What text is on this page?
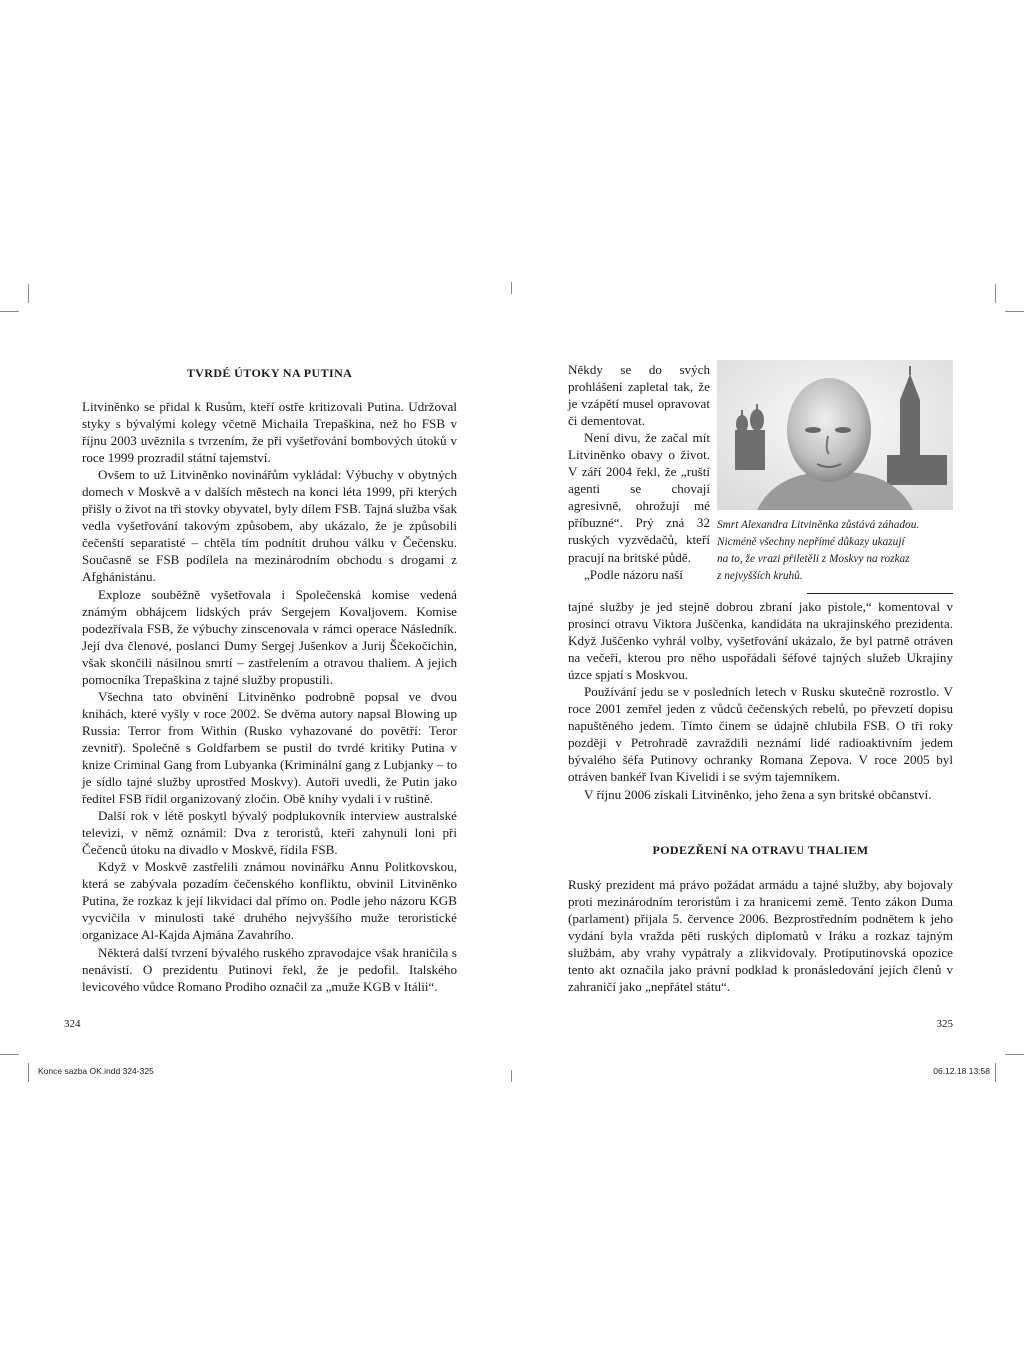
TVRDÉ ÚTOKY NA PUTINA

Litviněnko se přidal k Rusům, kteří ostře kritizovali Putina. Udržoval styky s bývalými kolegy včetně Michaila Trepaškina, než ho FSB v říjnu 2003 uvěznila s tvrzením, že při vyšetřování bombových útoků v roce 1999 prozradil státní tajemství.

Ovšem to už Litviněnko novinářům vykládal: Výbuchy v obytných domech v Moskvě a v dalších městech na konci léta 1999, při kterých přišly o život na tři stovky obyvatel, byly dílem FSB. Tajná služba však vedla vyšetřování takovým způsobem, aby ukázalo, že je způsobili čečenští separatisté – chtěla tím podnítit druhou válku v Čečensku. Současně se FSB podílela na mezinárodním obchodu s drogami z Afghánistánu.

Exploze souběžně vyšetřovala i Společenská komise vedená známým obhájcem lidských práv Sergejem Kovaljovem. Komise podezřívala FSB, že výbuchy zinscenovala v rámci operace Následník. Její dva členové, poslanci Dumy Sergej Jušenkov a Jurij Ščekočichin, však skončili násilnou smrtí – zastřelením a otravou thaliem. A jejich pomocníka Trepaškina z tajné služby propustili.

Všechna tato obvinění Litviněnko podrobně popsal ve dvou knihách, které vyšly v roce 2002. Se dvěma autory napsal Blowing up Russia: Terror from Within (Rusko vyhazované do povětří: Teror zevnitř). Společně s Goldfarbem se pustil do tvrdé kritiky Putina v knize Criminal Gang from Lubyanka (Kriminální gang z Lubjanky – to je sídlo tajné služby uprostřed Moskvy). Autoři uvedli, že Putin jako ředitel FSB řídil organizovaný zločin. Obě knihy vydali i v ruštině.

Další rok v létě poskytl bývalý podplukovník interview australské televizi, v němž oznámil: Dva z teroristů, kteří zahynuli loni při Čečenců útoku na divadlo v Moskvě, řídila FSB.

Když v Moskvě zastřelili známou novinářku Annu Politkovskou, která se zabývala pozadím čečenského konfliktu, obvinil Litviněnko Putina, že rozkaz k její likvidaci dal přímo on. Podle jeho názoru KGB vycvičila v minulosti také druhého nejvyššího muže teroristické organizace Al-Kajda Ajmána Zavahrího.

Některá další tvrzení bývalého ruského zpravodajce však hraničila s nenávistí. O prezidentu Putinovi řekl, že je pedofil. Italského levicového vůdce Romano Prodiho označil za „muže KGB v Itálii“.

324

Někdy se do svých prohlášení zapletal tak, že je vzápětí musel opravovat či dementovat.

Není divu, že začal mít Litviněnko obavy o život. V září 2004 řekl, že „ruští agenti se chovají agresivně, ohrožují mé příbuzné“. Prý zná 32 ruských vyzvědačů, kteří pracují na britské půdě.

„Podle názoru naší

Smrt Alexandra Litviněnka zůstává záhadou.
Nicméně všechny nepřímé důkazy ukazují
na to, že vrazi přiletěli z Moskvy na rozkaz
z nejvyšších kruhů.

tajné služby je jed stejně dobrou zbraní jako pistole,“ komentoval v prosinci otravu Viktora Juščenka, kandidáta na ukrajinského prezidenta. Když Juščenko vyhrál volby, vyšetřování ukázalo, že byl patrně otráven na večeři, kterou pro něho uspořádali šéfové tajných služeb Ukrajiny úzce spjatí s Moskvou.

Používání jedu se v posledních letech v Rusku skutečně rozrostlo. V roce 2001 zemřel jeden z vůdců čečenských rebelů, po převzetí dopisu napuštěného jedem. Tímto činem se údajně chlubila FSB. O tři roky později v Petrohradě zavraždili neznámí lidé radioaktivním jedem bývalého šéfa Putinovy ochranky Romana Zepova. V roce 2005 byl otráven bankéř Ivan Kivelidi i se svým tajemníkem.

V říjnu 2006 získali Litviněnko, jeho žena a syn britské občanství.

PODEZŘENÍ NA OTRAVU THALIEM

Ruský prezident má právo požádat armádu a tajné služby, aby bojovaly proti mezinárodním teroristům i za hranicemi země. Tento zákon Duma (parlament) přijala 5. července 2006. Bezprostředním podnětem k jeho vydání byla vražda pěti ruských diplomatů v Iráku a rozkaz tajným službám, aby vrahy vypátraly a zlikvidovaly. Protiputinovská opozice tento akt označila jako právní podklad k pronásledování jejích členů v zahraničí jako „nepřátel státu“.

325
Konce sazba OK.indd 324-325	06.12.18 13:58
